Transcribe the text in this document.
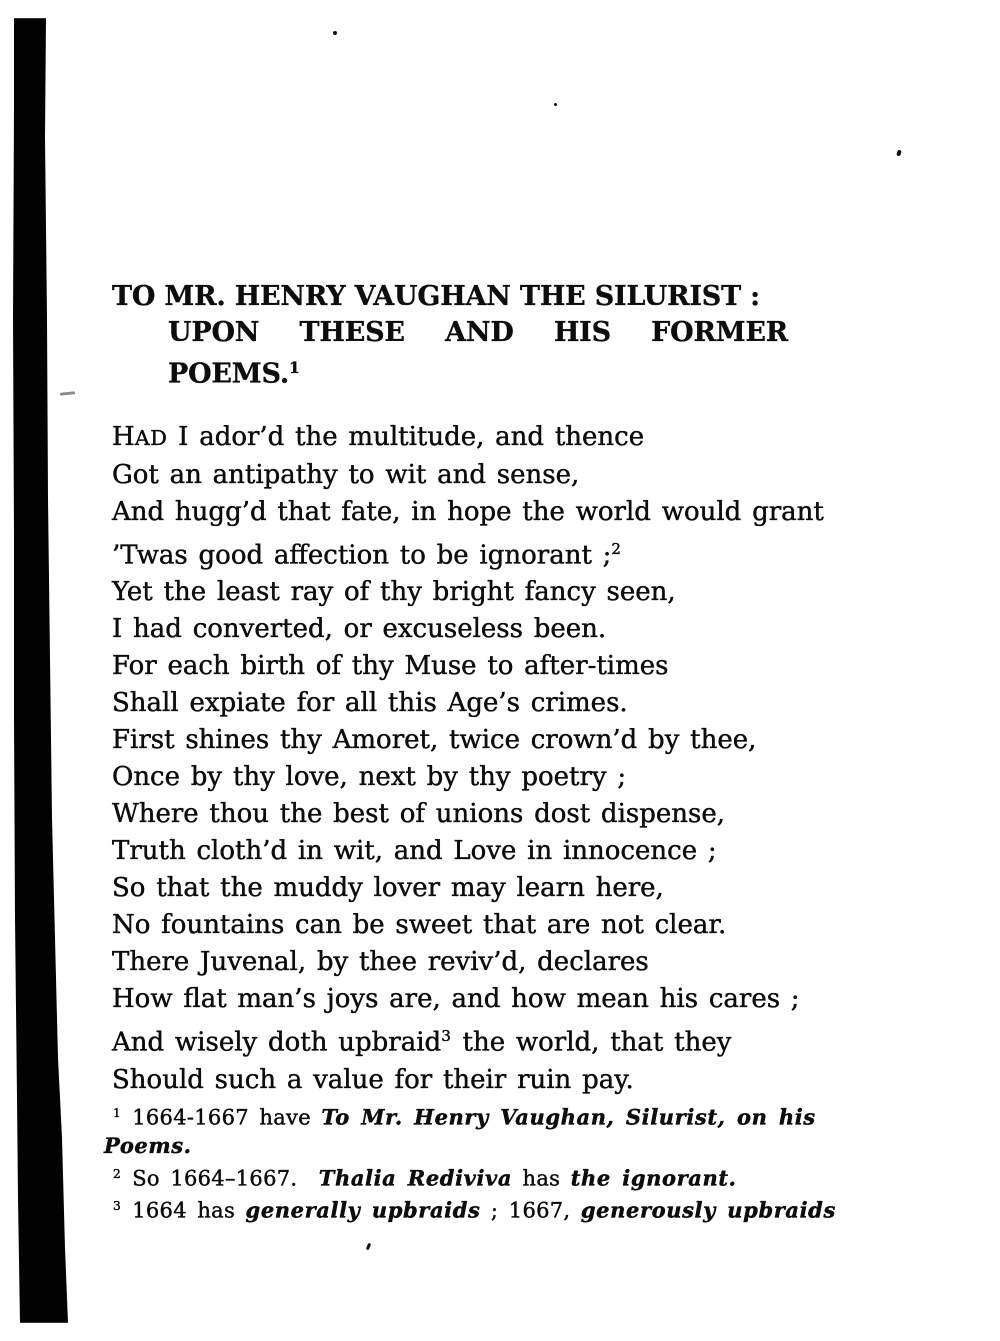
TO MR. HENRY VAUGHAN THE SILURIST :
UPON THESE AND HIS FORMER
POEMS.$^1$
HAD I ador’d the multitude, and thence
Got an antipathy to wit and sense,
And hugg’d that fate, in hope the world would grant
’Twas good affection to be ignorant ;$^2$
Yet the least ray of thy bright fancy seen,
I had converted, or excuseless been.
For each birth of thy Muse to after-times
Shall expiate for all this Age’s crimes.
First shines thy Amoret, twice crown’d by thee,
Once by thy love, next by thy poetry ;
Where thou the best of unions dost dispense,
Truth cloth’d in wit, and Love in innocence ;
So that the muddy lover may learn here,
No fountains can be sweet that are not clear.
There Juvenal, by thee reviv’d, declares
How flat man’s joys are, and how mean his cares ;
And wisely doth upbraid$^3$ the world, that they
Should such a value for their ruin pay.
$^1$ 1664-1667 have To Mr. Henry Vaughan, Silurist, on his
Poems.
$^2$ So 1664–1667.  Thalia Rediviva has the ignorant.
$^3$ 1664 has generally upbraids ; 1667, generously upbraids
